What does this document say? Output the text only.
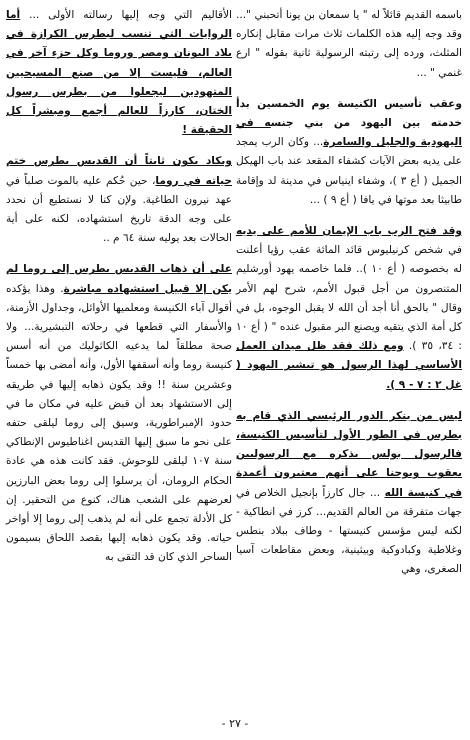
باسمه القديم قائلاً له " يا سمعان بن يونا أتحبني "... وقد وجه إليه هذه الكلمات ثلاث مرات مقابل إنكاره المثلث، ورده إلى رتبته الرسولية ثانية بقوله " ارع غنمي " ...
وعقب تأسيس الكنيسة يوم الخمسين بدأ خدمته بين اليهود من بني جنسه في اليهودية والجليل والسامرة... وكان الرب يمجد على يديه بعض الآيات كشفاء المقعد عند باب الهيكل الجميل ( أع ٣ )، وشفاء اينياس في مدينة لد وإقامة طابيثا بعد موتها في يافا ( أع ٩ ) ...
وقد فتح الرب باب الإيمان للأمم على يديه في شخص كرنيليوس قائد المائة عقب رؤيا أعلنت له بخصوصه ( أع ١٠ ).. فلما خاصمه يهود أورشليم المتنصرون من أجل قبول الأمم، شرح لهم الأمر وقال " بالحق أنا أجد أن الله لا يقبل الوجوه، بل في كل أمة الذي يتقيه ويصنع البر مقبول عنده " ( أع ١٠ : ٣٤، ٣٥ ). ومع ذلك فقد ظل ميدان العمل الأساسي لهذا الرسول هو تبشير اليهود ( غل ٢ : ٧ - ٩ ).
ليس من ينكر الدور الرئيسي الذي قام به بطرس في الطور الأول لتأسيس الكنيسة، فالرسول بولس يذكره مع الرسوليين يعقوب ويوحنا على أنهم معتبرون أعمدة في كنيسة الله ... جال كارزاً بإنجيل الخلاص في جهات متفرقة من العالم القديم... كرز في انطاكية - لكنه ليس مؤسس كنيستها - وطاف ببلاد بنطس وغلاطية وكبادوكية وبيثينية، وبعض مقاطعات آسيا الصغرى، وهي
الأقاليم التي وجه إليها رسالته الأولى ... أما الروايات التي تنسب لبطرس الكرازة في بلاد اليونان ومصر وروما وكل جزء آخر في العالم، فليست إلا من صنع المسيحيين المتهودين ليجعلوا من بطرس رسول الختان، كارزاً للعالم أجمع ومبشراً كل الحقيقة !
وبكاد يكون ثابتاً أن القديس بطرس ختم حياته في روما، حين حُكم عليه بالموت صلباً في عهد نيرون الطاغية. ولإن كنا لا نستطيع أن نحدد على وجه الدقة تاريخ استشهاده، لكنه على أية الحالات بعد يوليه سنة ٦٤ م ..
على أن ذهاب القديس بطرس إلى روما لم يكن إلا قبيل استشهاده مباشرة. وهذا يؤكده أقوال آباء الكنيسة ومعلميها الأوائل، وجداول الأزمنة، والأسفار التي قطعها في رحلاته التبشيرية... ولا صحة مطلقاً لما يدعيه الكاثوليك من أنه أسس كنيسة روما وأنه أسقفها الأول، وأنه أمضى بها خمساً وعشرين سنة !! وقد يكون ذهابه إليها في طريقه إلى الاستشهاد بعد أن قبض عليه في مكان ما في حدود الإمبراطورية، وسيق إلى روما ليلقى حتفه على نحو ما سبق إليها القديس اغناطيوس الإنطاكي سنة ١٠٧ ليلقى للوحوش. فقد كانت هذه هي عادة الحكام الرومان، أن يرسلوا إلى روما بعض البارزين لعرضهم على الشعب هناك، كنوع من التحقير. إن كل الأدلة تجمع على أنه لم يذهب إلى روما إلا أواخر حياته. وقد يكون ذهابه إليها بقصد اللحاق بسيمون الساحر الذي كان قد التقى به
- ٢٧ -
